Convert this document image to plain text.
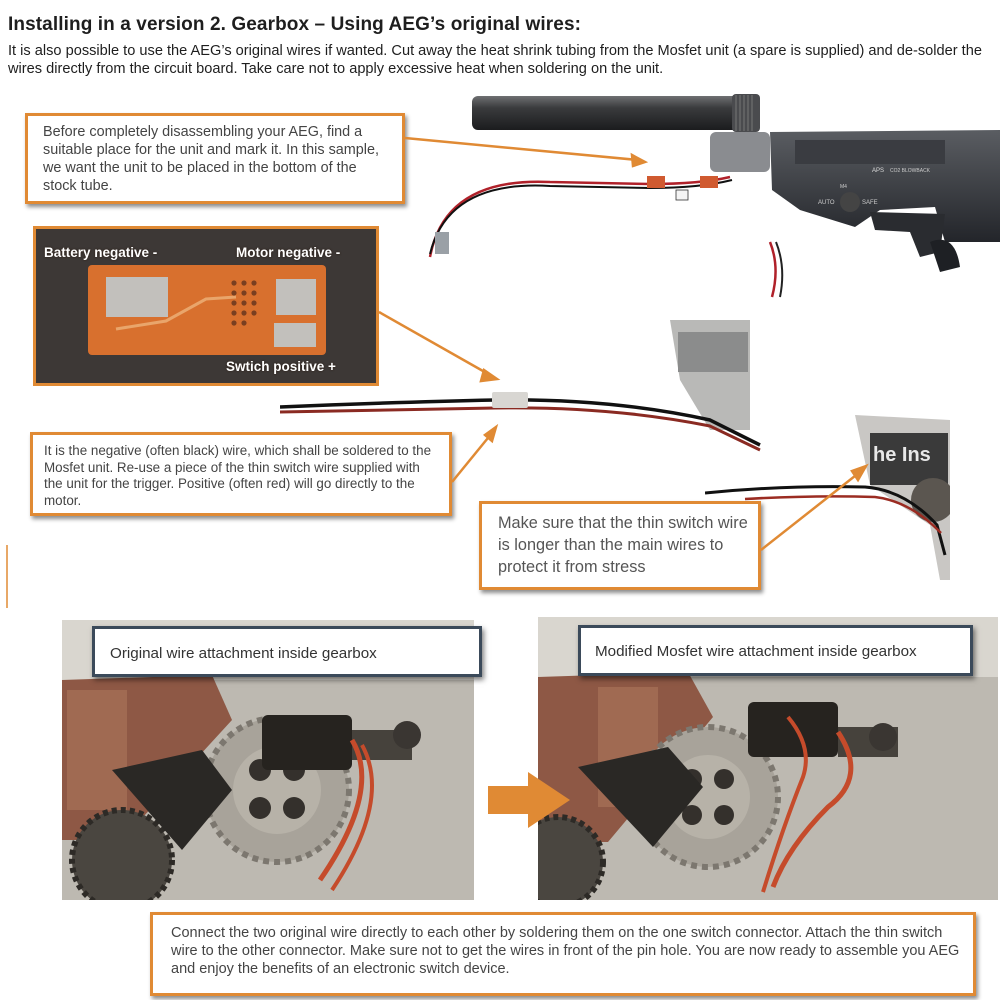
Installing in a version 2. Gearbox – Using AEG’s original wires:

It is also possible to use the AEG’s original wires if wanted. Cut away the heat shrink tubing from the Mosfet unit (a spare is supplied) and de-solder the wires directly from the circuit board. Take care not to apply excessive heat when soldering on the unit.

APS CO2 BLOWBACK
M4
AUTO	SAFE
Battery negative -	Motor negative -
Swtich positive +
he Ins
Before completely disassembling your AEG, find a suitable place for the unit and mark it. In this sample, we want the unit to be placed in the bottom of the stock tube.
It is the negative (often black) wire, which shall be soldered to the Mosfet unit. Re-use a piece of the thin switch wire supplied with the unit for the trigger. Positive (often red) will go directly to the motor.
Make sure that the thin switch wire is longer than the main wires to protect it from stress
Original wire attachment inside gearbox	Modified Mosfet wire attachment inside gearbox
Connect the two original wire directly to each other by soldering them on the one switch connector. Attach the thin switch wire to the other connector. Make sure not to get the wires in front of the pin hole. You are now ready to assemble you AEG and enjoy the benefits of an electronic switch device.
